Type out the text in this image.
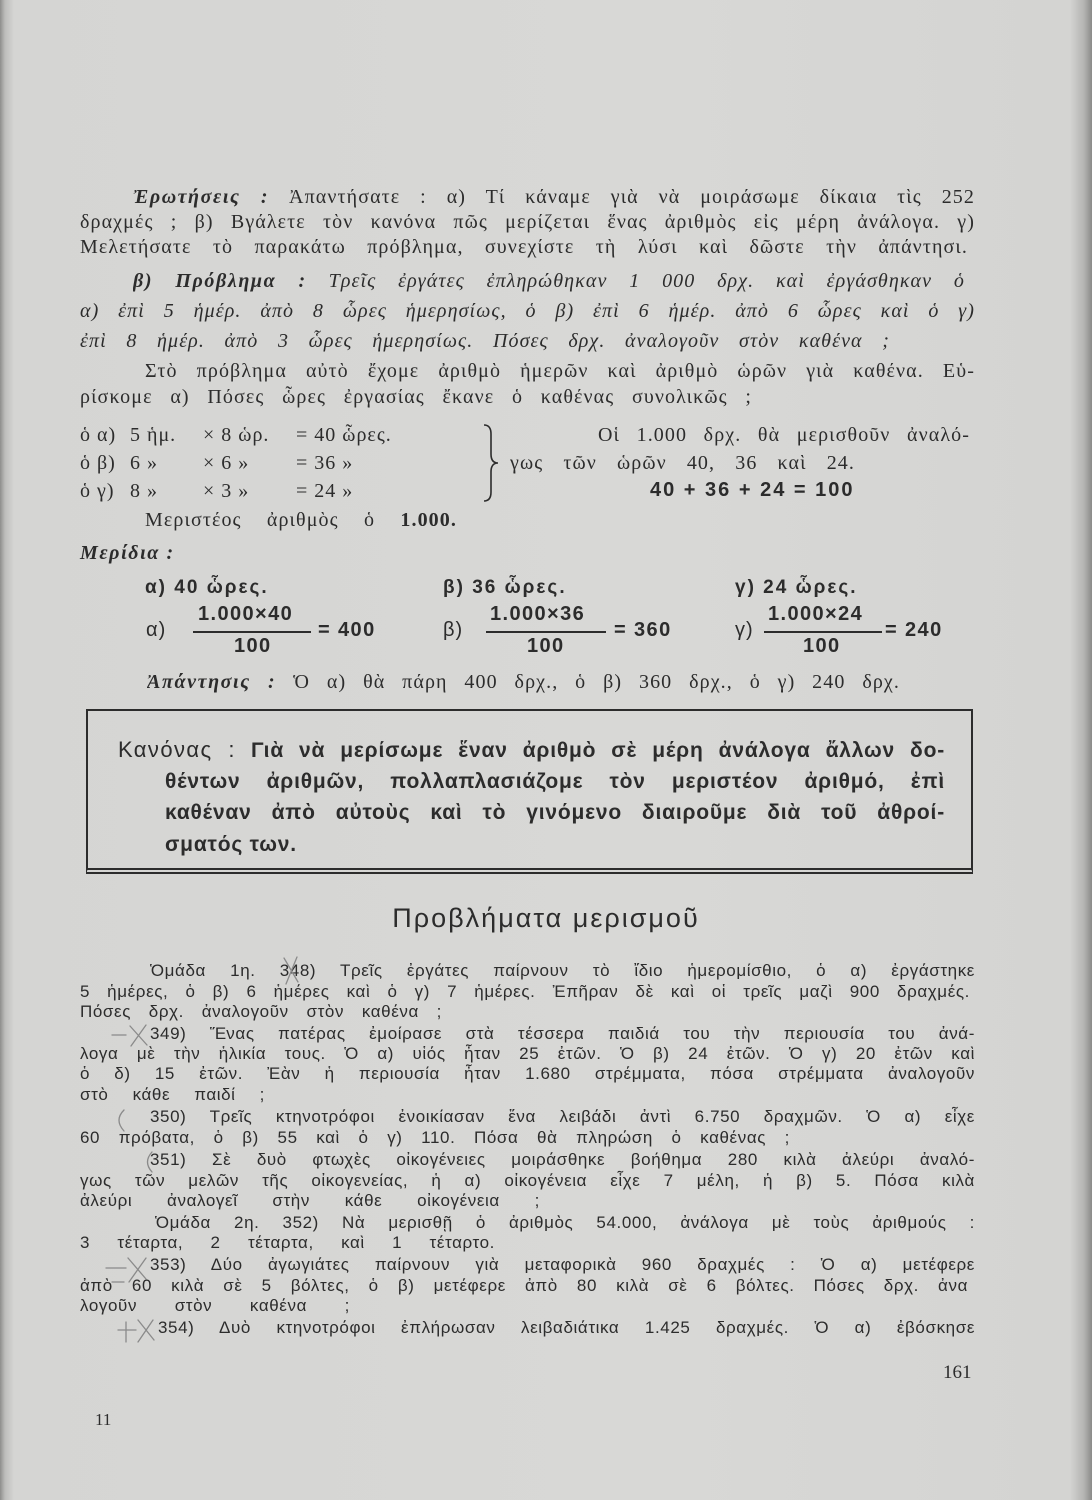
Ἐρωτήσεις : Ἀπαντήσατε : α) Τί κάναμε γιὰ νὰ μοιράσωμε δίκαια τὶς 252
δραχμές ; β) Βγάλετε τὸν κανόνα πῶς μερίζεται ἕνας ἀριθμὸς εἰς μέρη ἀνάλογα. γ)
Μελετήσατε τὸ παρακάτω πρόβλημα, συνεχίστε τὴ λύσι καὶ δῶστε τὴν ἀπάντησι.
β) Πρόβλημα : Τρεῖς ἐργάτες ἐπληρώθηκαν 1 000 δρχ. καὶ ἐργάσθηκαν ὁ
α) ἐπὶ 5 ἡμέρ. ἀπὸ 8 ὧρες ἡμερησίως, ὁ β) ἐπὶ 6 ἡμέρ. ἀπὸ 6 ὧρες καὶ ὁ γ)
ἐπὶ 8 ἡμέρ. ἀπὸ 3 ὧρες ἡμερησίως. Πόσες δρχ. ἀναλογοῦν στὸν καθένα ;
Στὸ πρόβλημα αὐτὸ ἔχομε ἀριθμὸ ἡμερῶν καὶ ἀριθμὸ ὡρῶν γιὰ καθένα. Εὑ-
ρίσκομε α) Πόσες ὧρες ἐργασίας ἔκανε ὁ καθένας συνολικῶς ;
ὁ α) 5 ἡμ. × 8 ὡρ. = 40 ὧρες.
ὁ β) 6 » × 6 » = 36 »
ὁ γ) 8 » × 3 » = 24 »
Οἱ 1.000 δρχ. θὰ μερισθοῦν ἀναλό-
γως τῶν ὡρῶν 40, 36 καὶ 24.
40 + 36 + 24 = 100
Μεριστέος ἀριθμὸς ὁ 1.000.
Μερίδια :
α) 40 ὧρες.	β) 36 ὧρες.	γ) 24 ὧρες.
α)
1.000×40
100
= 400	β)
1.000×36
100
= 360	γ)
1.000×24
100
= 240
Ἀπάντησις : Ὁ α) θὰ πάρη 400 δρχ., ὁ β) 360 δρχ., ὁ γ) 240 δρχ.
Κανόνας : Γιὰ νὰ μερίσωμε ἕναν ἀριθμὸ σὲ μέρη ἀνάλογα ἄλλων δο-
θέντων ἀριθμῶν, πολλαπλασιάζομε τὸν μεριστέον ἀριθμό, ἐπὶ
καθέναν ἀπὸ αὐτοὺς καὶ τὸ γινόμενο διαιροῦμε διὰ τοῦ ἀθροί-
σματός των.
Προβλήματα μερισμοῦ
Ὁμάδα 1η. 348) Τρεῖς ἐργάτες παίρνουν τὸ ἴδιο ἡμερομίσθιο, ὁ α) ἐργάστηκε
5 ἡμέρες, ὁ β) 6 ἡμέρες καὶ ὁ γ) 7 ἡμέρες. Ἐπῆραν δὲ καὶ οἱ τρεῖς μαζὶ 900 δραχμές.
Πόσες δρχ. ἀναλογοῦν στὸν καθένα ;
349) Ἕνας πατέρας ἐμοίρασε στὰ τέσσερα παιδιά του τὴν περιουσία του ἀνά-
λογα μὲ τὴν ἡλικία τους. Ὁ α) υἱός ἦταν 25 ἐτῶν. Ὁ β) 24 ἐτῶν. Ὁ γ) 20 ἐτῶν καὶ
ὁ δ) 15 ἐτῶν. Ἐὰν ἡ περιουσία ἦταν 1.680 στρέμματα, πόσα στρέμματα ἀναλογοῦν
στὸ κάθε παιδί ;
350) Τρεῖς κτηνοτρόφοι ἐνοικίασαν ἕνα λειβάδι ἀντὶ 6.750 δραχμῶν. Ὁ α) εἶχε
60 πρόβατα, ὁ β) 55 καὶ ὁ γ) 110. Πόσα θὰ πληρώση ὁ καθένας ;
351) Σὲ δυὸ φτωχὲς οἰκογένειες μοιράσθηκε βοήθημα 280 κιλὰ ἀλεύρι ἀναλό-
γως τῶν μελῶν τῆς οἰκογενείας, ἡ α) οἰκογένεια εἶχε 7 μέλη, ἡ β) 5. Πόσα κιλὰ
ἀλεύρι ἀναλογεῖ στὴν κάθε οἰκογένεια ;
Ὁμάδα 2η. 352) Νὰ μερισθῇ ὁ ἀριθμὸς 54.000, ἀνάλογα μὲ τοὺς ἀριθμούς :
3 τέταρτα, 2 τέταρτα, καὶ 1 τέταρτο.
353) Δύο ἀγωγιάτες παίρνουν γιὰ μεταφορικὰ 960 δραχμές : Ὁ α) μετέφερε
ἀπὸ 60 κιλὰ σὲ 5 βόλτες, ὁ β) μετέφερε ἀπὸ 80 κιλὰ σὲ 6 βόλτες. Πόσες δρχ. ἀνα
λογοῦν στὸν καθένα ;
354) Δυὸ κτηνοτρόφοι ἐπλήρωσαν λειβαδιάτικα 1.425 δραχμές. Ὁ α) ἐβόσκησε
161
11
